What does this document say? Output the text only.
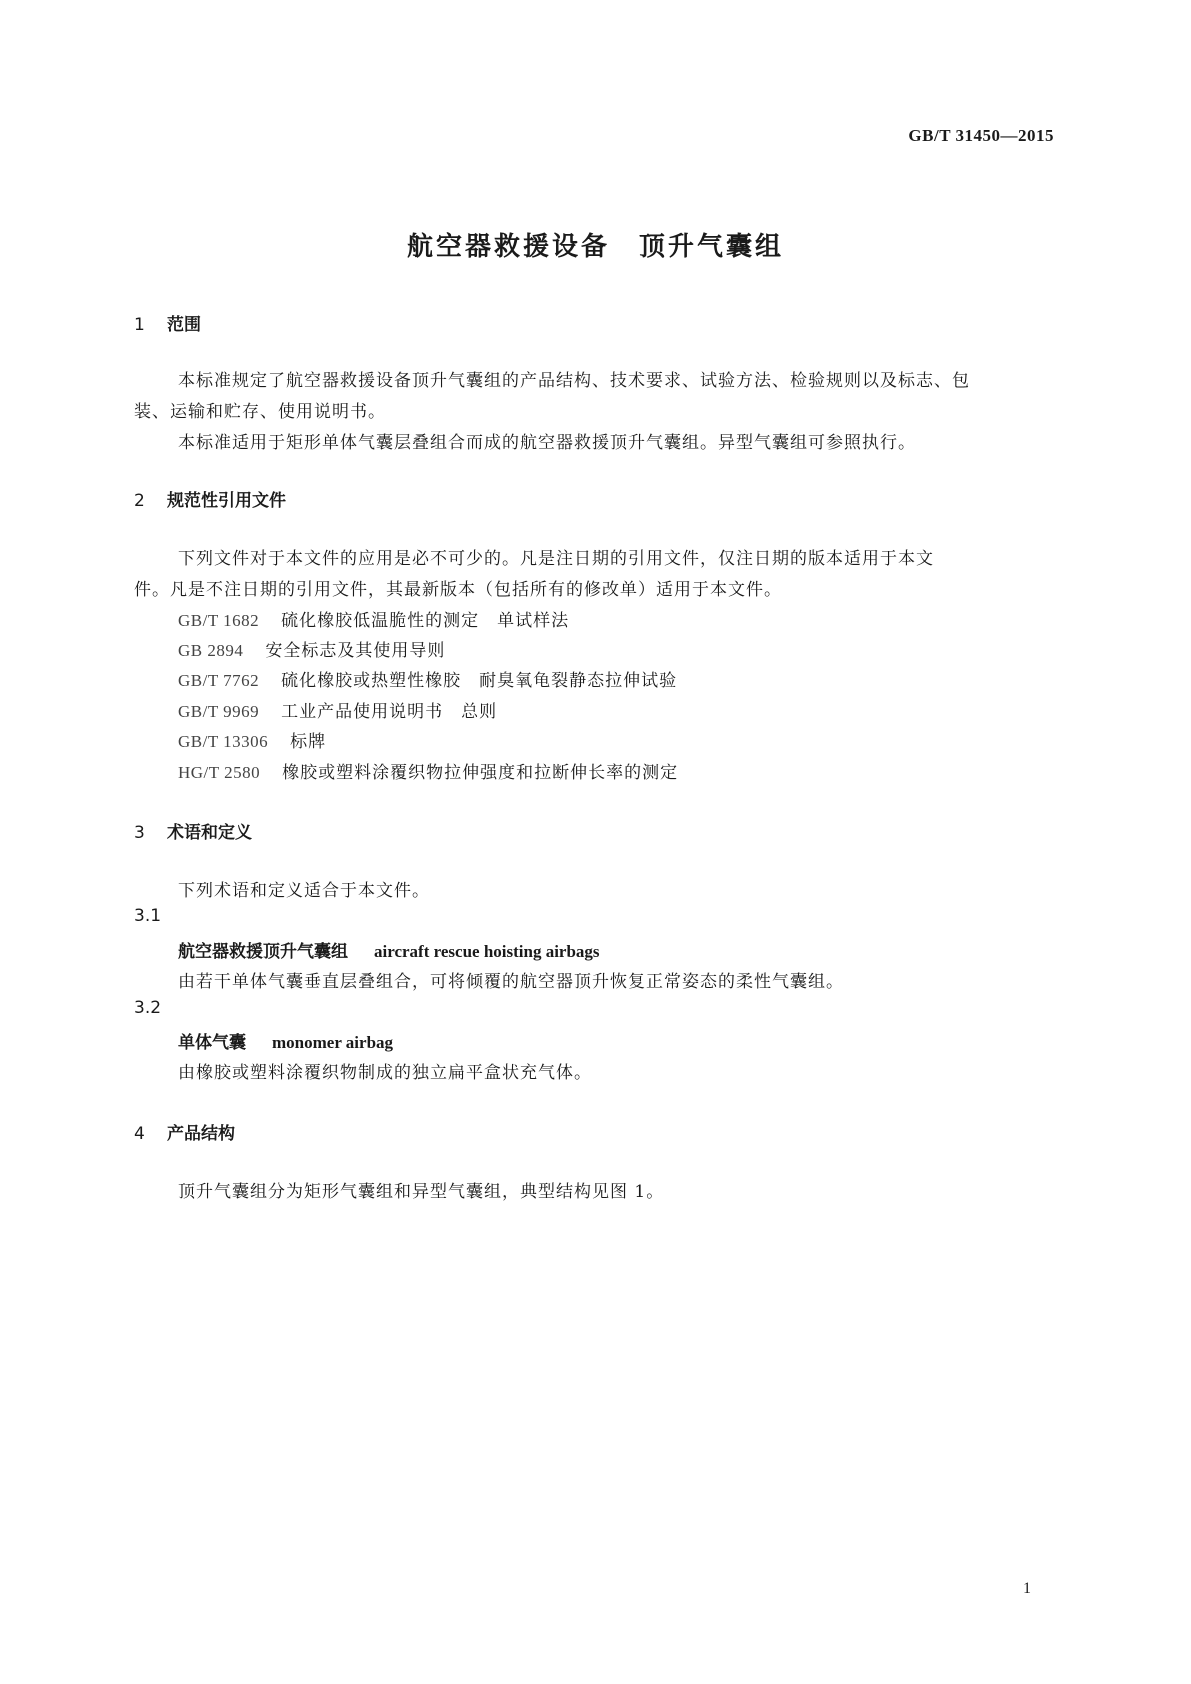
GB/T 31450—2015
航空器救援设备　顶升气囊组
1 范围
本标准规定了航空器救援设备顶升气囊组的产品结构、技术要求、试验方法、检验规则以及标志、包
装、运输和贮存、使用说明书。
本标准适用于矩形单体气囊层叠组合而成的航空器救援顶升气囊组。异型气囊组可参照执行。
2 规范性引用文件
下列文件对于本文件的应用是必不可少的。凡是注日期的引用文件，仅注日期的版本适用于本文
件。凡是不注日期的引用文件，其最新版本（包括所有的修改单）适用于本文件。
GB/T 1682 硫化橡胶低温脆性的测定　单试样法
GB 2894 安全标志及其使用导则
GB/T 7762 硫化橡胶或热塑性橡胶　耐臭氧龟裂静态拉伸试验
GB/T 9969 工业产品使用说明书　总则
GB/T 13306 标牌
HG/T 2580 橡胶或塑料涂覆织物拉伸强度和拉断伸长率的测定
3 术语和定义
下列术语和定义适合于本文件。
3.1
航空器救援顶升气囊组 aircraft rescue hoisting airbags
由若干单体气囊垂直层叠组合，可将倾覆的航空器顶升恢复正常姿态的柔性气囊组。
3.2
单体气囊 monomer airbag
由橡胶或塑料涂覆织物制成的独立扁平盒状充气体。
4 产品结构
顶升气囊组分为矩形气囊组和异型气囊组，典型结构见图 1。
1
